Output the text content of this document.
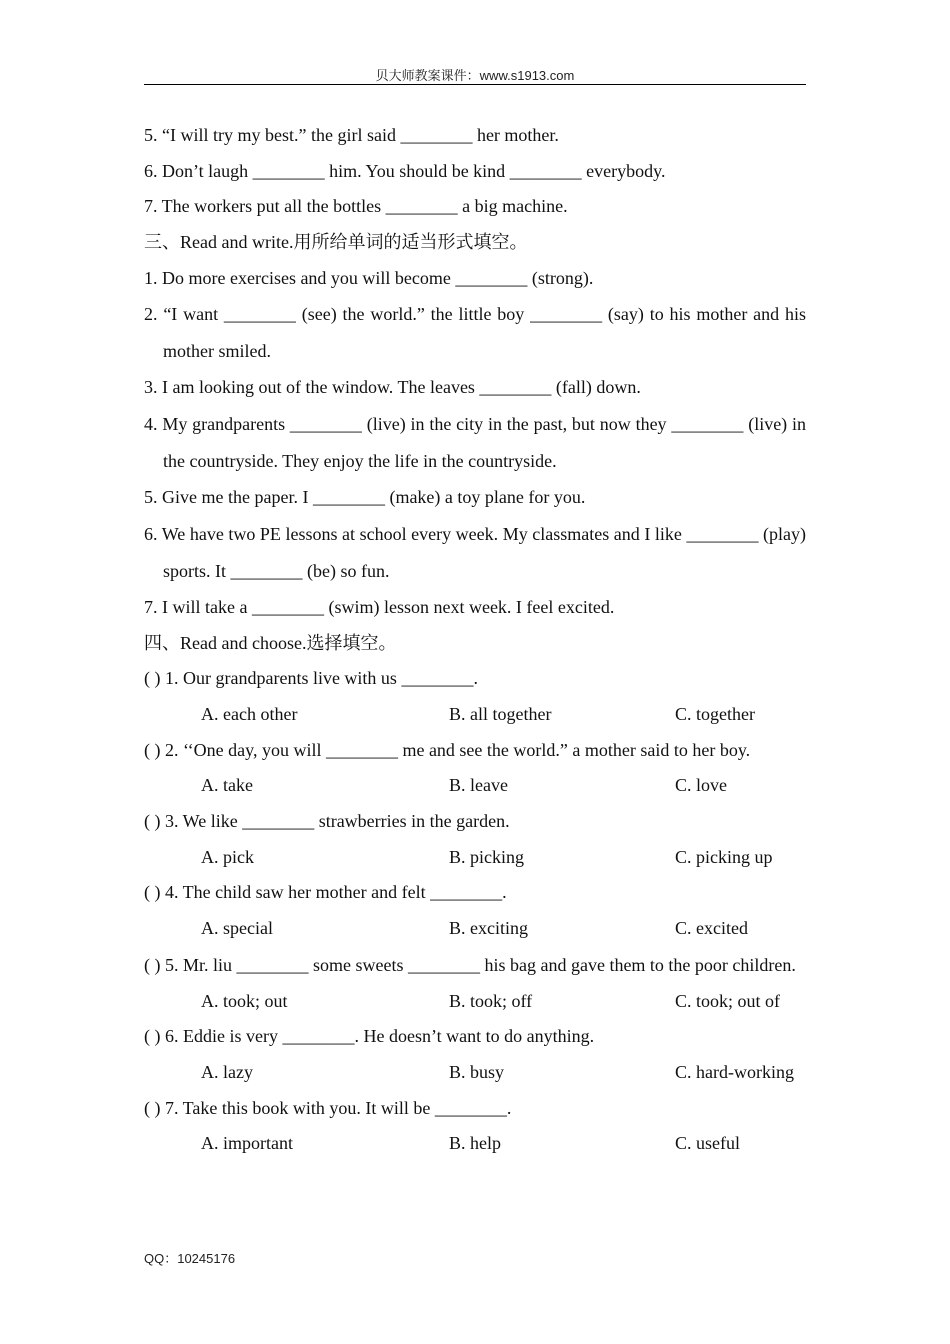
贝大师教案课件：www.s1913.com
5. “I will try my best.” the girl said ________ her mother.
6. Don’t laugh ________ him. You should be kind ________ everybody.
7. The workers put all the bottles ________ a big machine.
三、Read and write.用所给单词的适当形式填空。
1. Do more exercises and you will become ________ (strong).
2. “I want ________ (see) the world.” the little boy ________ (say) to his mother and his mother smiled.
3. I am looking out of the window. The leaves ________ (fall) down.
4. My grandparents ________ (live) in the city in the past, but now they ________ (live) in the countryside. They enjoy the life in the countryside.
5. Give me the paper. I ________ (make) a toy plane for you.
6. We have two PE lessons at school every week. My classmates and I like ________ (play) sports. It ________ (be) so fun.
7. I will take a ________ (swim) lesson next week. I feel excited.
四、Read and choose.选择填空。
( ) 1. Our grandparents live with us ________.
A. each other	B. all together	C. together
( ) 2. ‘‘One day, you will ________ me and see the world.” a mother said to her boy.
A. take	B. leave	C. love
( ) 3. We like ________ strawberries in the garden.
A. pick	B. picking	C. picking up
( ) 4. The child saw her mother and felt ________.
A. special	B. exciting	C. excited
( ) 5. Mr. liu ________ some sweets ________ his bag and gave them to the poor children.
A. took; out	B. took; off	C. took; out of
( ) 6. Eddie is very ________. He doesn’t want to do anything.
A. lazy	B. busy	C. hard-working
( ) 7. Take this book with you. It will be ________.
A. important	B. help	C. useful
QQ：10245176
